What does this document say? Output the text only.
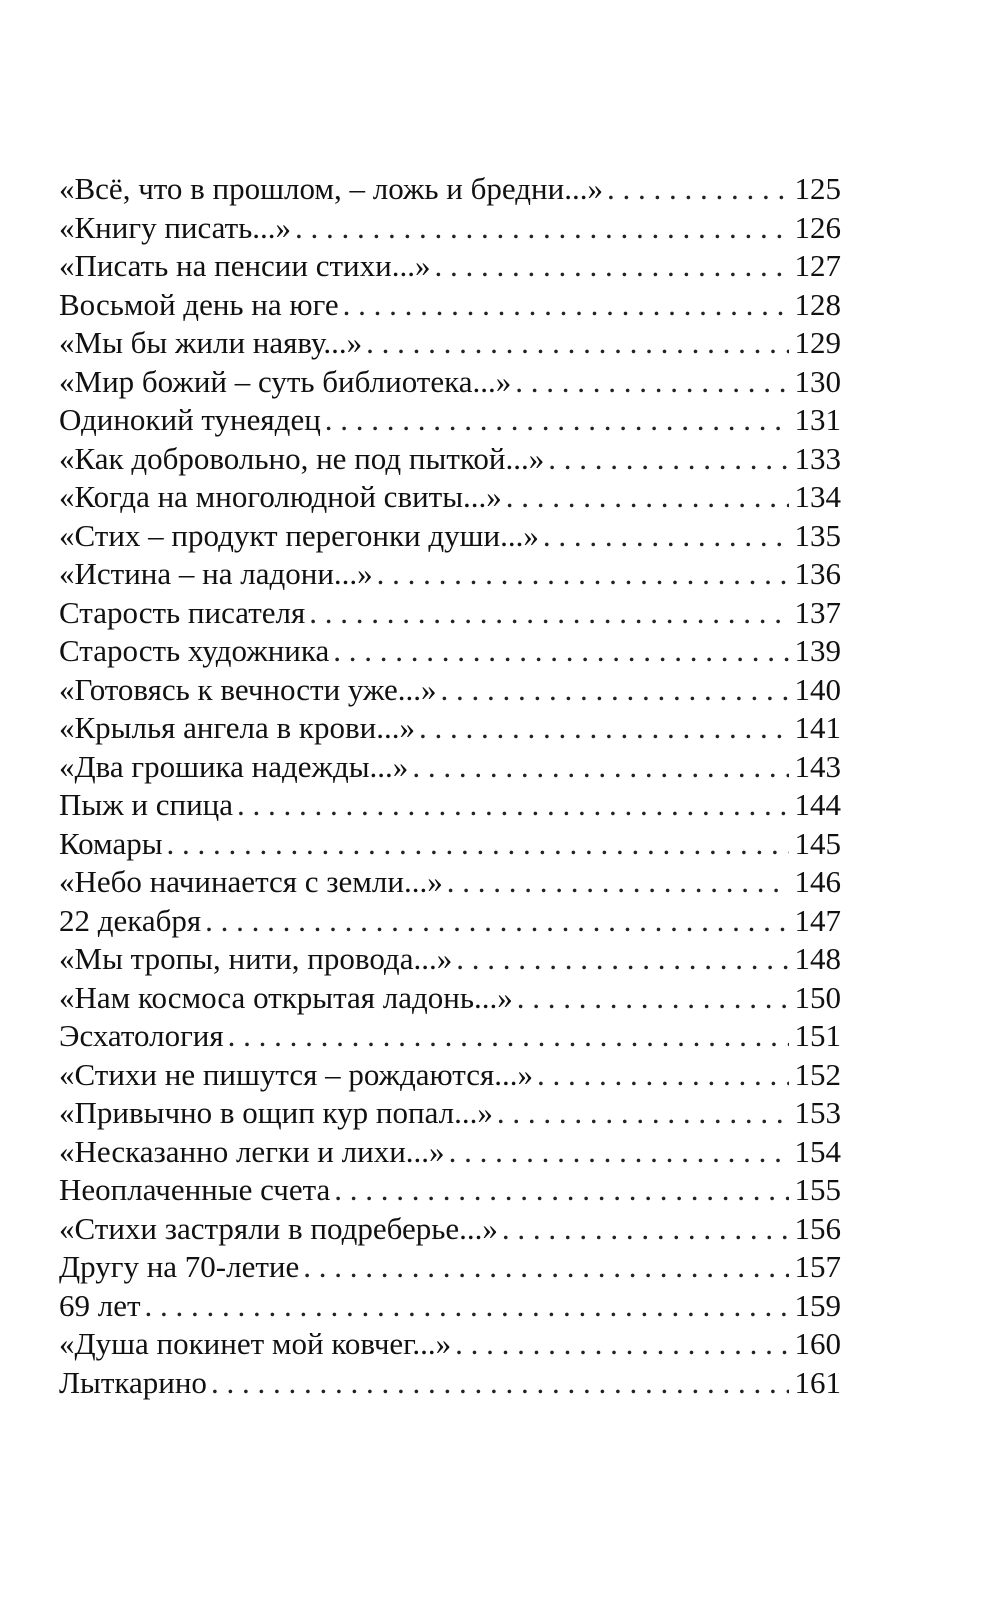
«Всё, что в прошлом, – ложь и бредни...» . . .	125
«Книгу писать...» . . .	126
«Писать на пенсии стихи...» . . .	127
Восьмой день на юге . . .	128
«Мы бы жили наяву...» . . .	129
«Мир божий – суть библиотека...» . . .	130
Одинокий тунеядец . . .	131
«Как добровольно, не под пыткой...» . . .	133
«Когда на многолюдной свиты...» . . .	134
«Стих – продукт перегонки души...» . . .	135
«Истина – на ладони...» . . .	136
Старость писателя . . .	137
Старость художника . . .	139
«Готовясь к вечности уже...» . . .	140
«Крылья ангела в крови...» . . .	141
«Два грошика надежды...» . . .	143
Пыж и спица . . .	144
Комары . . .	145
«Небо начинается с земли...» . . .	146
22 декабря . . .	147
«Мы тропы, нити, провода...» . . .	148
«Нам космоса открытая ладонь...» . . .	150
Эсхатология . . .	151
«Стихи не пишутся – рождаются...» . . .	152
«Привычно в ощип кур попал...» . . .	153
«Несказанно легки и лихи...» . . .	154
Неоплаченные счета . . .	155
«Стихи застряли в подреберье...» . . .	156
Другу на 70-летие . . .	157
69 лет . . .	159
«Душа покинет мой ковчег...» . . .	160
Лыткарино . . .	161
